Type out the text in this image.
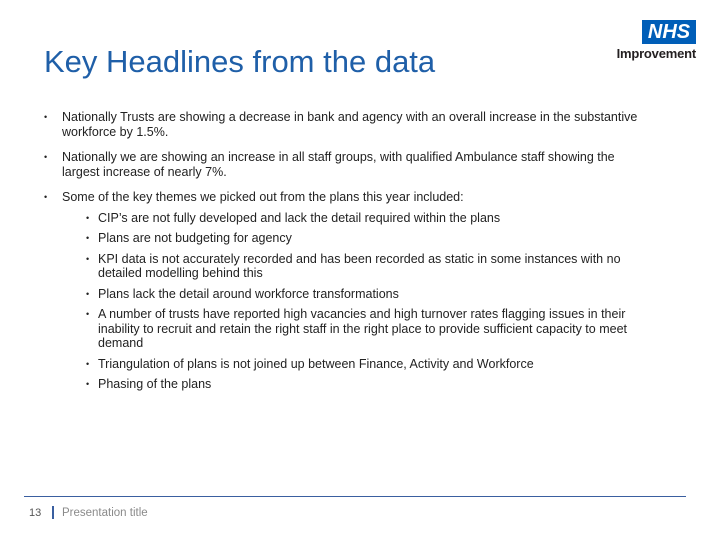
Key Headlines from the data
NHS
Improvement
• Nationally Trusts are showing a decrease in bank and agency with an overall increase in the substantive workforce by 1.5%.
• Nationally we are showing an increase in all staff groups, with qualified Ambulance staff showing the largest increase of nearly 7%.
• Some of the key themes we picked out from the plans this year included:
• CIP’s are not fully developed and lack the detail required within the plans
• Plans are not budgeting for agency
• KPI data is not accurately recorded and has been recorded as static in some instances with no detailed modelling behind this
• Plans lack the detail around workforce transformations
• A number of trusts have reported high vacancies and high turnover rates flagging issues in their inability to recruit and retain the right staff in the right place to provide sufficient capacity to meet demand
• Triangulation of plans is not joined up between Finance, Activity and Workforce
• Phasing of the plans
13 Presentation title
